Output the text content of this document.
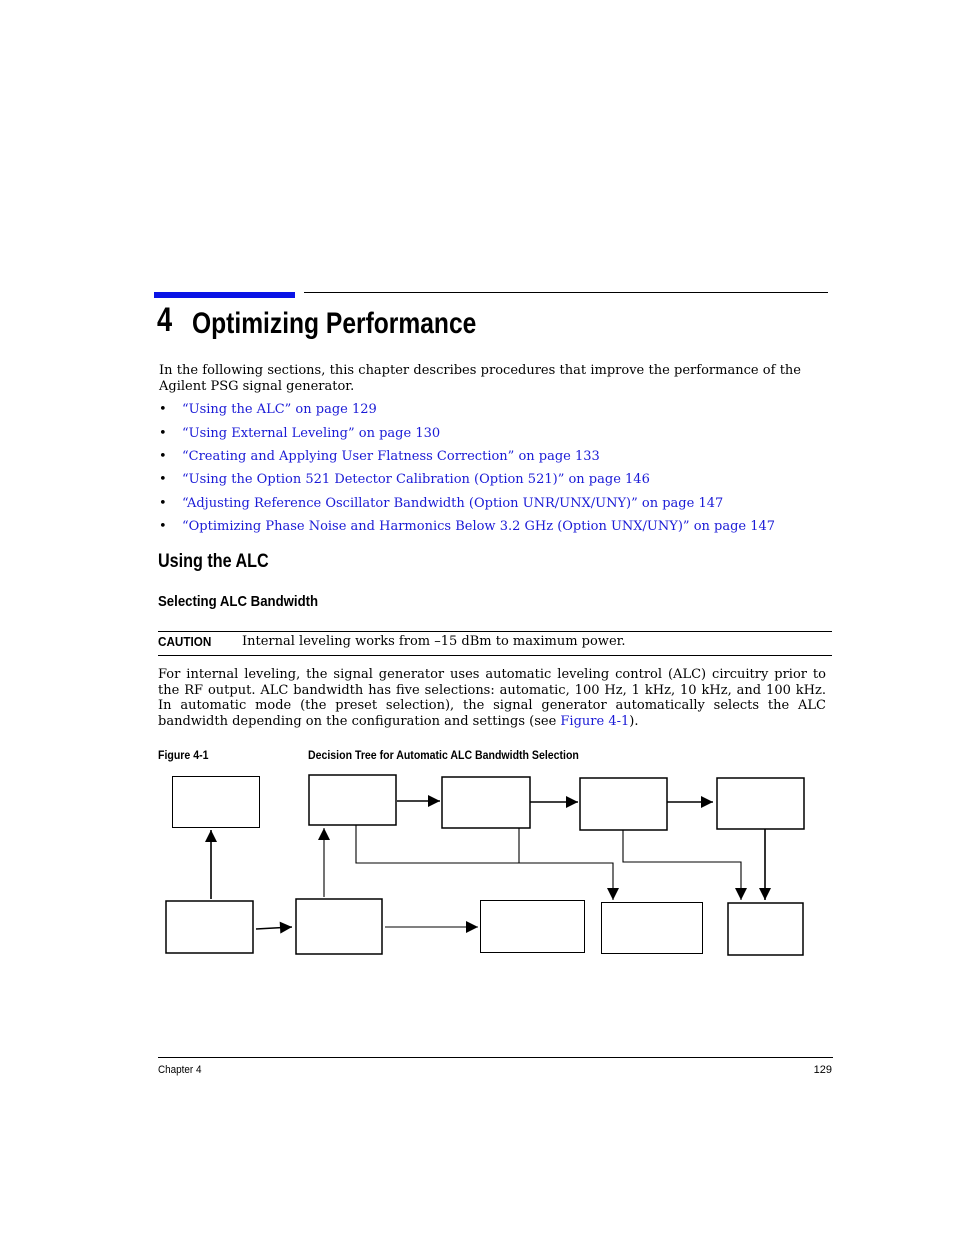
4 Optimizing Performance
In the following sections, this chapter describes procedures that improve the performance of the Agilent PSG signal generator.
• “Using the ALC” on page 129
• “Using External Leveling” on page 130
• “Creating and Applying User Flatness Correction” on page 133
• “Using the Option 521 Detector Calibration (Option 521)” on page 146
• “Adjusting Reference Oscillator Bandwidth (Option UNR/UNX/UNY)” on page 147
• “Optimizing Phase Noise and Harmonics Below 3.2 GHz (Option UNX/UNY)” on page 147
Using the ALC
Selecting ALC Bandwidth
CAUTION Internal leveling works from –15 dBm to maximum power.
For internal leveling, the signal generator uses automatic leveling control (ALC) circuitry prior to the RF output. ALC bandwidth has five selections: automatic, 100 Hz, 1 kHz, 10 kHz, and 100 kHz. In automatic mode (the preset selection), the signal generator automatically selects the ALC bandwidth depending on the configuration and settings (see Figure 4-1).
Figure 4-1	Decision Tree for Automatic ALC Bandwidth Selection
Chapter 4	129
